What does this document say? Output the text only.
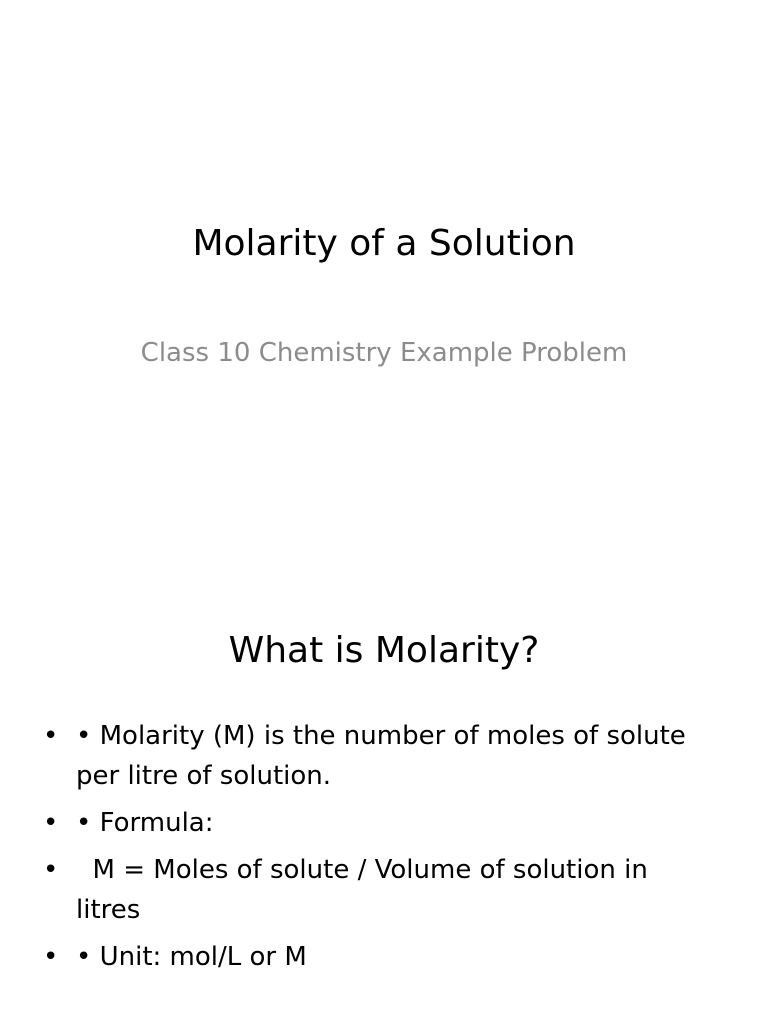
Molarity of a Solution
Class 10 Chemistry Example Problem
What is Molarity?
• • Molarity (M) is the number of moles of solute per litre of solution.
• • Formula:
• M = Moles of solute / Volume of solution in litres
• • Unit: mol/L or M
